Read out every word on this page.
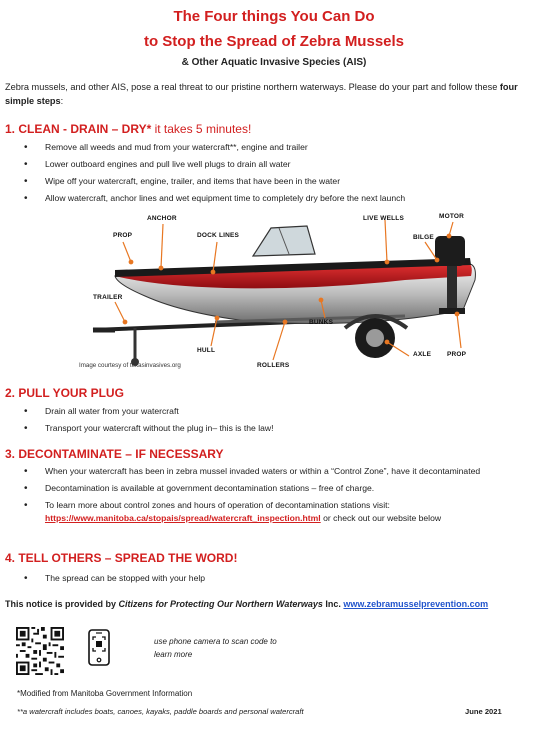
The Four things You Can Do
to Stop the Spread of Zebra Mussels
& Other Aquatic Invasive Species (AIS)
Zebra mussels, and other AIS, pose a real threat to our pristine northern waterways. Please do your part and follow these four simple steps:
1. CLEAN - DRAIN – DRY* it takes 5 minutes!
• Remove all weeds and mud from your watercraft**, engine and trailer
• Lower outboard engines and pull live well plugs to drain all water
• Wipe off your watercraft, engine, trailer, and items that have been in the water
• Allow watercraft, anchor lines and wet equipment time to completely dry before the next launch
PROP
ANCHOR
DOCK LINES
LIVE WELLS	MOTOR
BILGE
TRAILER
HULL
ROLLERS
BUNKS
AXLE PROP
Image courtesy of texasinvasives.org
2. PULL YOUR PLUG
• Drain all water from your watercraft
• Transport your watercraft without the plug in– this is the law!
3. DECONTAMINATE – IF NECESSARY
• When your watercraft has been in zebra mussel invaded waters or within a “Control Zone”, have it decontaminated
• Decontamination is available at government decontamination stations – free of charge.
• To learn more about control zones and hours of operation of decontamination stations visit:
https://www.manitoba.ca/stopais/spread/watercraft_inspection.html or check out our website below
4. TELL OTHERS – SPREAD THE WORD!
• The spread can be stopped with your help
This notice is provided by Citizens for Protecting Our Northern Waterways Inc. www.zebramusselprevention.com
use phone camera to scan code to learn more
*Modified from Manitoba Government Information
**a watercraft includes boats, canoes, kayaks, paddle boards and personal watercraft	June 2021
